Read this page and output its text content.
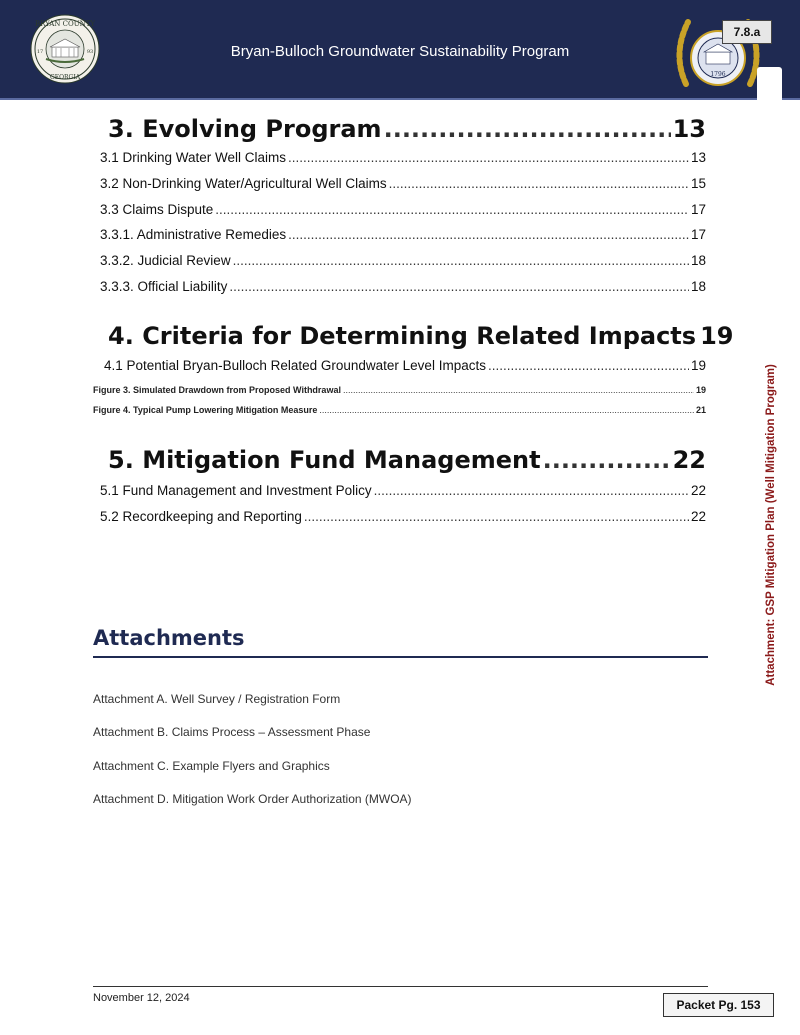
BRYAN COUNTY
GEORGIA
17	93	Bryan-Bulloch Groundwater Sustainability Program
1796
7.8.a
3. Evolving Program .....	13
3.1 Drinking Water Well Claims .....	13
3.2 Non-Drinking Water/Agricultural Well Claims .....	15
3.3 Claims Dispute .....	17
3.3.1. Administrative Remedies .....	17
3.3.2. Judicial Review .....	18
3.3.3. Official Liability .....	18
4. Criteria for Determining Related Impacts 19
4.1 Potential Bryan-Bulloch Related Groundwater Level Impacts .....	19
Figure 3. Simulated Drawdown from Proposed Withdrawal .....	19
Figure 4. Typical Pump Lowering Mitigation Measure .....	21
5. Mitigation Fund Management .....	22
5.1 Fund Management and Investment Policy .....	22
5.2 Recordkeeping and Reporting .....	22
Attachments
Attachment A. Well Survey / Registration Form
Attachment B. Claims Process – Assessment Phase
Attachment C. Example Flyers and Graphics
Attachment D. Mitigation Work Order Authorization (MWOA)
Attachment: GSP Mitigation Plan (Well Mitigation Program)
November 12, 2024	Packet Pg. 153
